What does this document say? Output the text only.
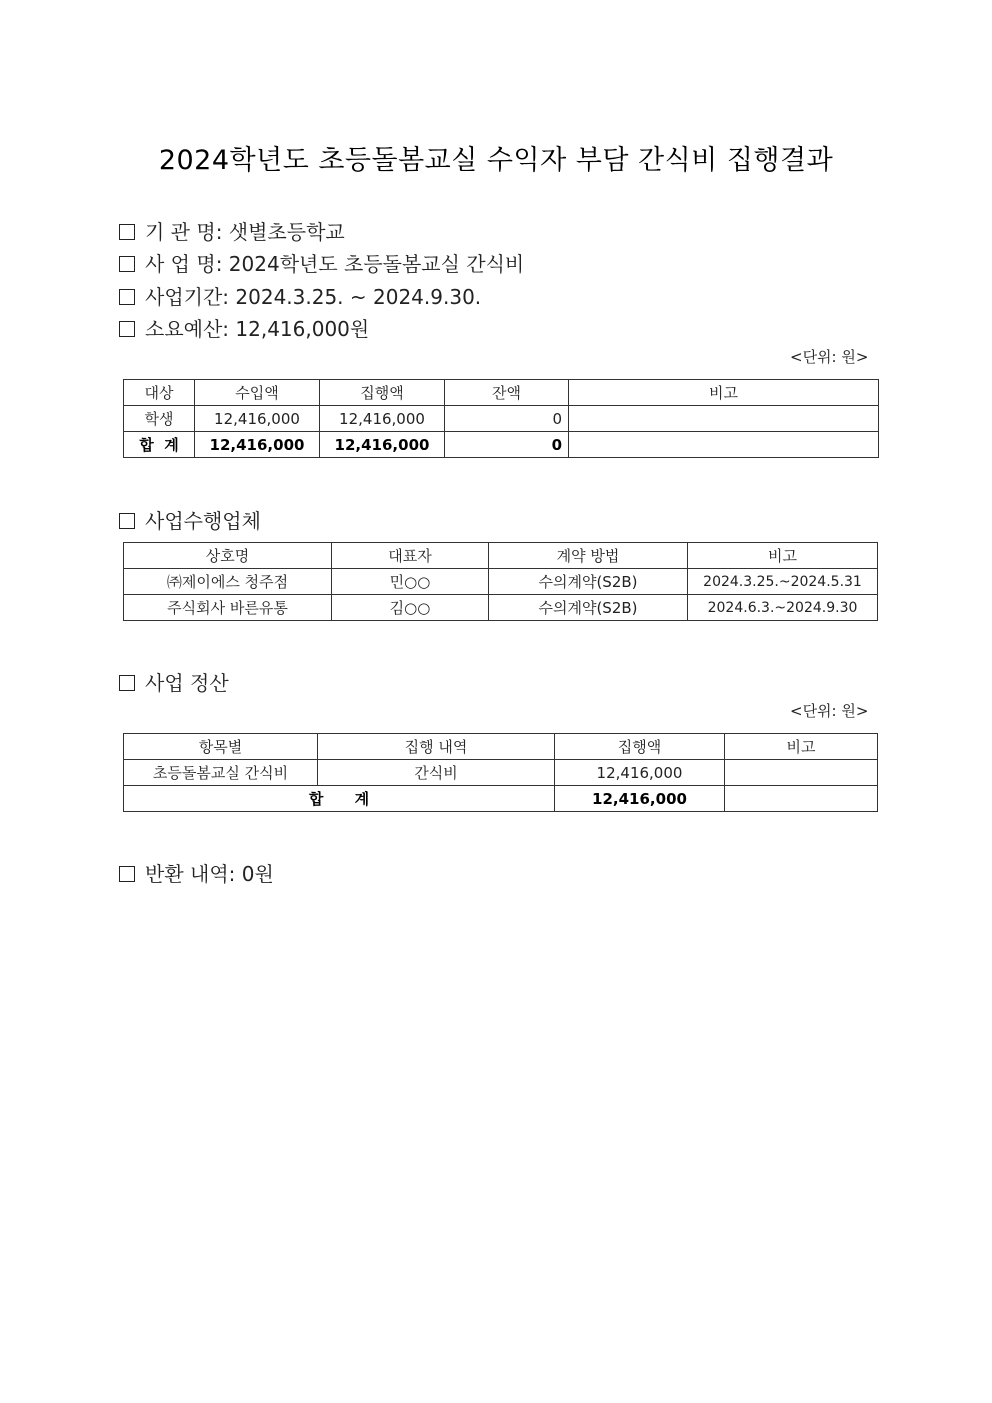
2024학년도 초등돌봄교실 수익자 부담 간식비 집행결과
기 관 명: 샛별초등학교
사 업 명: 2024학년도 초등돌봄교실 간식비
사업기간: 2024.3.25. ~ 2024.9.30.
소요예산: 12,416,000원
<단위: 원>
대상	수입액	집행액	잔액	비고
학생	12,416,000	12,416,000	0	
합  계	12,416,000	12,416,000	0	
사업수행업체
상호명	대표자	계약 방법	비고
㈜제이에스 청주점	민○○	수의계약(S2B)	2024.3.25.~2024.5.31
주식회사 바른유통	김○○	수의계약(S2B)	2024.6.3.~2024.9.30
사업 정산
<단위: 원>
항목별	집행 내역	집행액	비고
초등돌봄교실 간식비	간식비	12,416,000	
합      계		12,416,000	
반환 내역: 0원
